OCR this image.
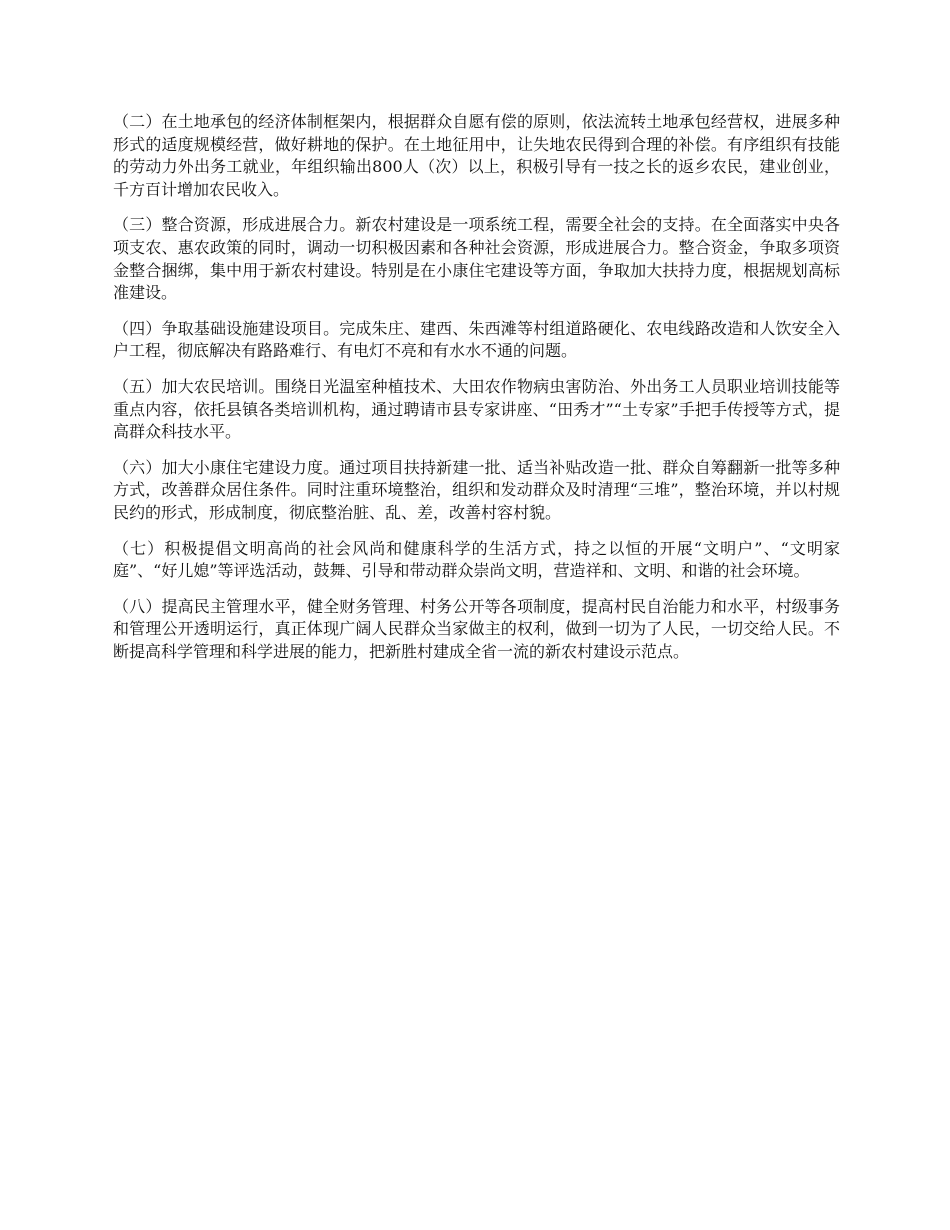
（二）在土地承包的经济体制框架内，根据群众自愿有偿的原则，依法流转土地承包经营权，进展多种形式的适度规模经营，做好耕地的保护。在土地征用中，让失地农民得到合理的补偿。有序组织有技能的劳动力外出务工就业，年组织输出800人（次）以上，积极引导有一技之长的返乡农民，建业创业，千方百计增加农民收入。

（三）整合资源，形成进展合力。新农村建设是一项系统工程，需要全社会的支持。在全面落实中央各项支农、惠农政策的同时，调动一切积极因素和各种社会资源，形成进展合力。整合资金，争取多项资金整合捆绑，集中用于新农村建设。特别是在小康住宅建设等方面，争取加大扶持力度，根据规划高标准建设。

（四）争取基础设施建设项目。完成朱庄、建西、朱西滩等村组道路硬化、农电线路改造和人饮安全入户工程，彻底解决有路路难行、有电灯不亮和有水水不通的问题。

（五）加大农民培训。围绕日光温室种植技术、大田农作物病虫害防治、外出务工人员职业培训技能等重点内容，依托县镇各类培训机构，通过聘请市县专家讲座、“田秀才”“土专家”手把手传授等方式，提高群众科技水平。

（六）加大小康住宅建设力度。通过项目扶持新建一批、适当补贴改造一批、群众自筹翻新一批等多种方式，改善群众居住条件。同时注重环境整治，组织和发动群众及时清理“三堆”，整治环境，并以村规民约的形式，形成制度，彻底整治脏、乱、差，改善村容村貌。

（七）积极提倡文明高尚的社会风尚和健康科学的生活方式，持之以恒的开展“文明户”、“文明家庭”、“好儿媳”等评选活动，鼓舞、引导和带动群众崇尚文明，营造祥和、文明、和谐的社会环境。

（八）提高民主管理水平，健全财务管理、村务公开等各项制度，提高村民自治能力和水平，村级事务和管理公开透明运行，真正体现广阔人民群众当家做主的权利，做到一切为了人民，一切交给人民。不断提高科学管理和科学进展的能力，把新胜村建成全省一流的新农村建设示范点。
